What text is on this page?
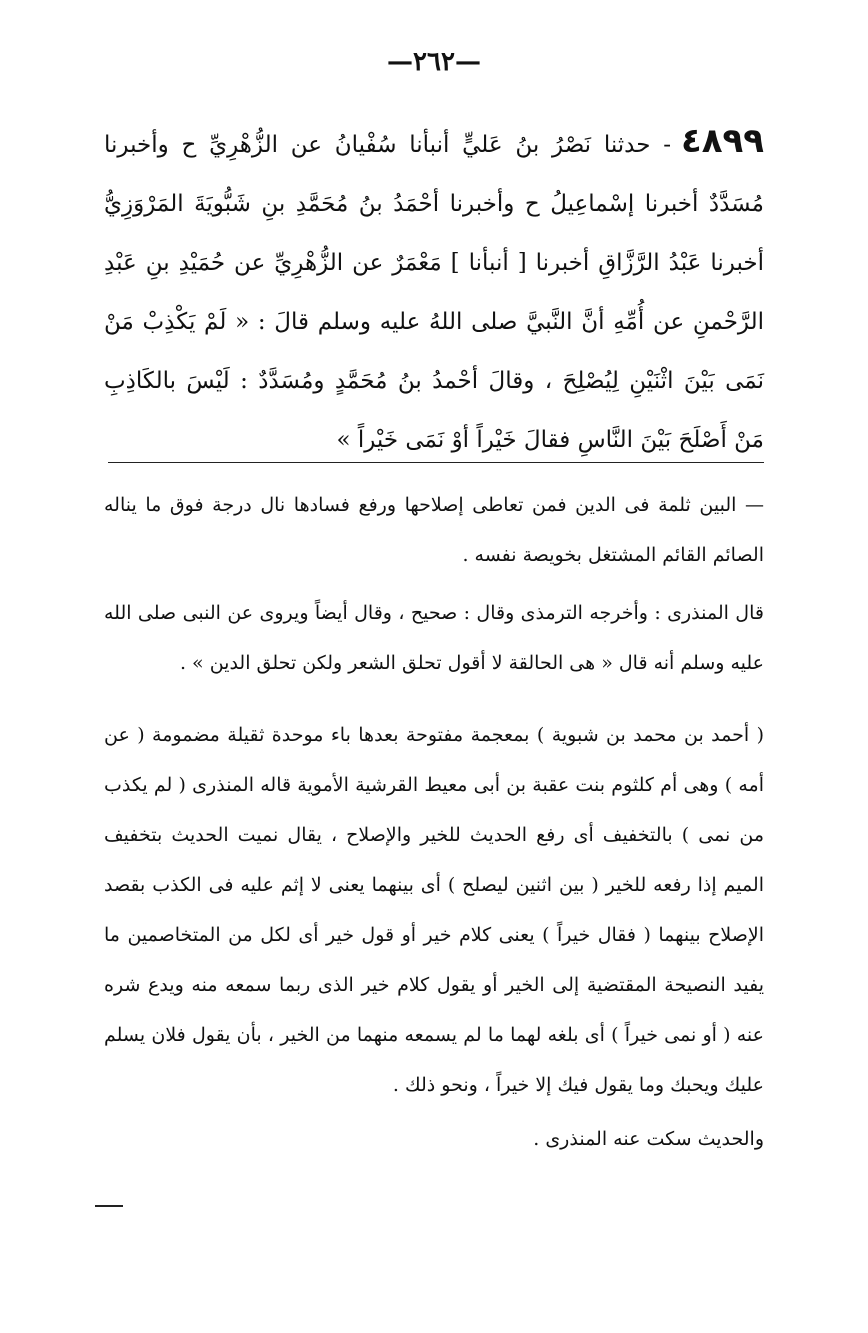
—٢٦٢—
٤٨٩٩- حدثنا نَصْرُ بنُ عَليٍّ أنبأنا سُفْيانُ عن الزُّهْرِيِّ ح وأخبرنا مُسَدَّدٌ أخبرنا إسْماعِيلُ ح وأخبرنا أحْمَدُ بنُ مُحَمَّدِ بنِ شَبُّويَةَ المَرْوَزِيُّ أخبرنا عَبْدُ الرَّزَّاقِ أخبرنا [ أنبأنا ] مَعْمَرٌ عن الزُّهْرِيِّ عن حُمَيْدِ بنِ عَبْدِ الرَّحْمنِ عن أُمِّهِ أنَّ النَّبيَّ صلى اللهُ عليه وسلم قالَ : « لَمْ يَكْذِبْ مَنْ نَمَى بَيْنَ اثْنَيْنِ لِيُصْلِحَ ، وقالَ أحْمدُ بنُ مُحَمَّدٍ ومُسَدَّدٌ : لَيْسَ بالكَاذِبِ مَنْ أَصْلَحَ بَيْنَ النَّاسِ فقالَ خَيْراً أوْ نَمَى خَيْراً »

— البين ثلمة فى الدين فمن تعاطى إصلاحها ورفع فسادها نال درجة فوق ما يناله الصائم القائم المشتغل بخويصة نفسه .

قال المنذرى : وأخرجه الترمذى وقال : صحيح ، وقال أيضاً ويروى عن النبى صلى الله عليه وسلم أنه قال « هى الحالقة لا أقول تحلق الشعر ولكن تحلق الدين » .

( أحمد بن محمد بن شبوية ) بمعجمة مفتوحة بعدها باء موحدة ثقيلة مضمومة ( عن أمه ) وهى أم كلثوم بنت عقبة بن أبى معيط القرشية الأموية قاله المنذرى ( لم يكذب من نمى ) بالتخفيف أى رفع الحديث للخير والإصلاح ، يقال نميت الحديث بتخفيف الميم إذا رفعه للخير ( بين اثنين ليصلح ) أى بينهما يعنى لا إثم عليه فى الكذب بقصد الإصلاح بينهما ( فقال خيراً ) يعنى كلام خير أو قول خير أى لكل من المتخاصمين ما يفيد النصيحة المقتضية إلى الخير أو يقول كلام خير الذى ربما سمعه منه ويدع شره عنه ( أو نمى خيراً ) أى بلغه لهما ما لم يسمعه منهما من الخير ، بأن يقول فلان يسلم عليك ويحبك وما يقول فيك إلا خيراً ، ونحو ذلك .

والحديث سكت عنه المنذرى .
